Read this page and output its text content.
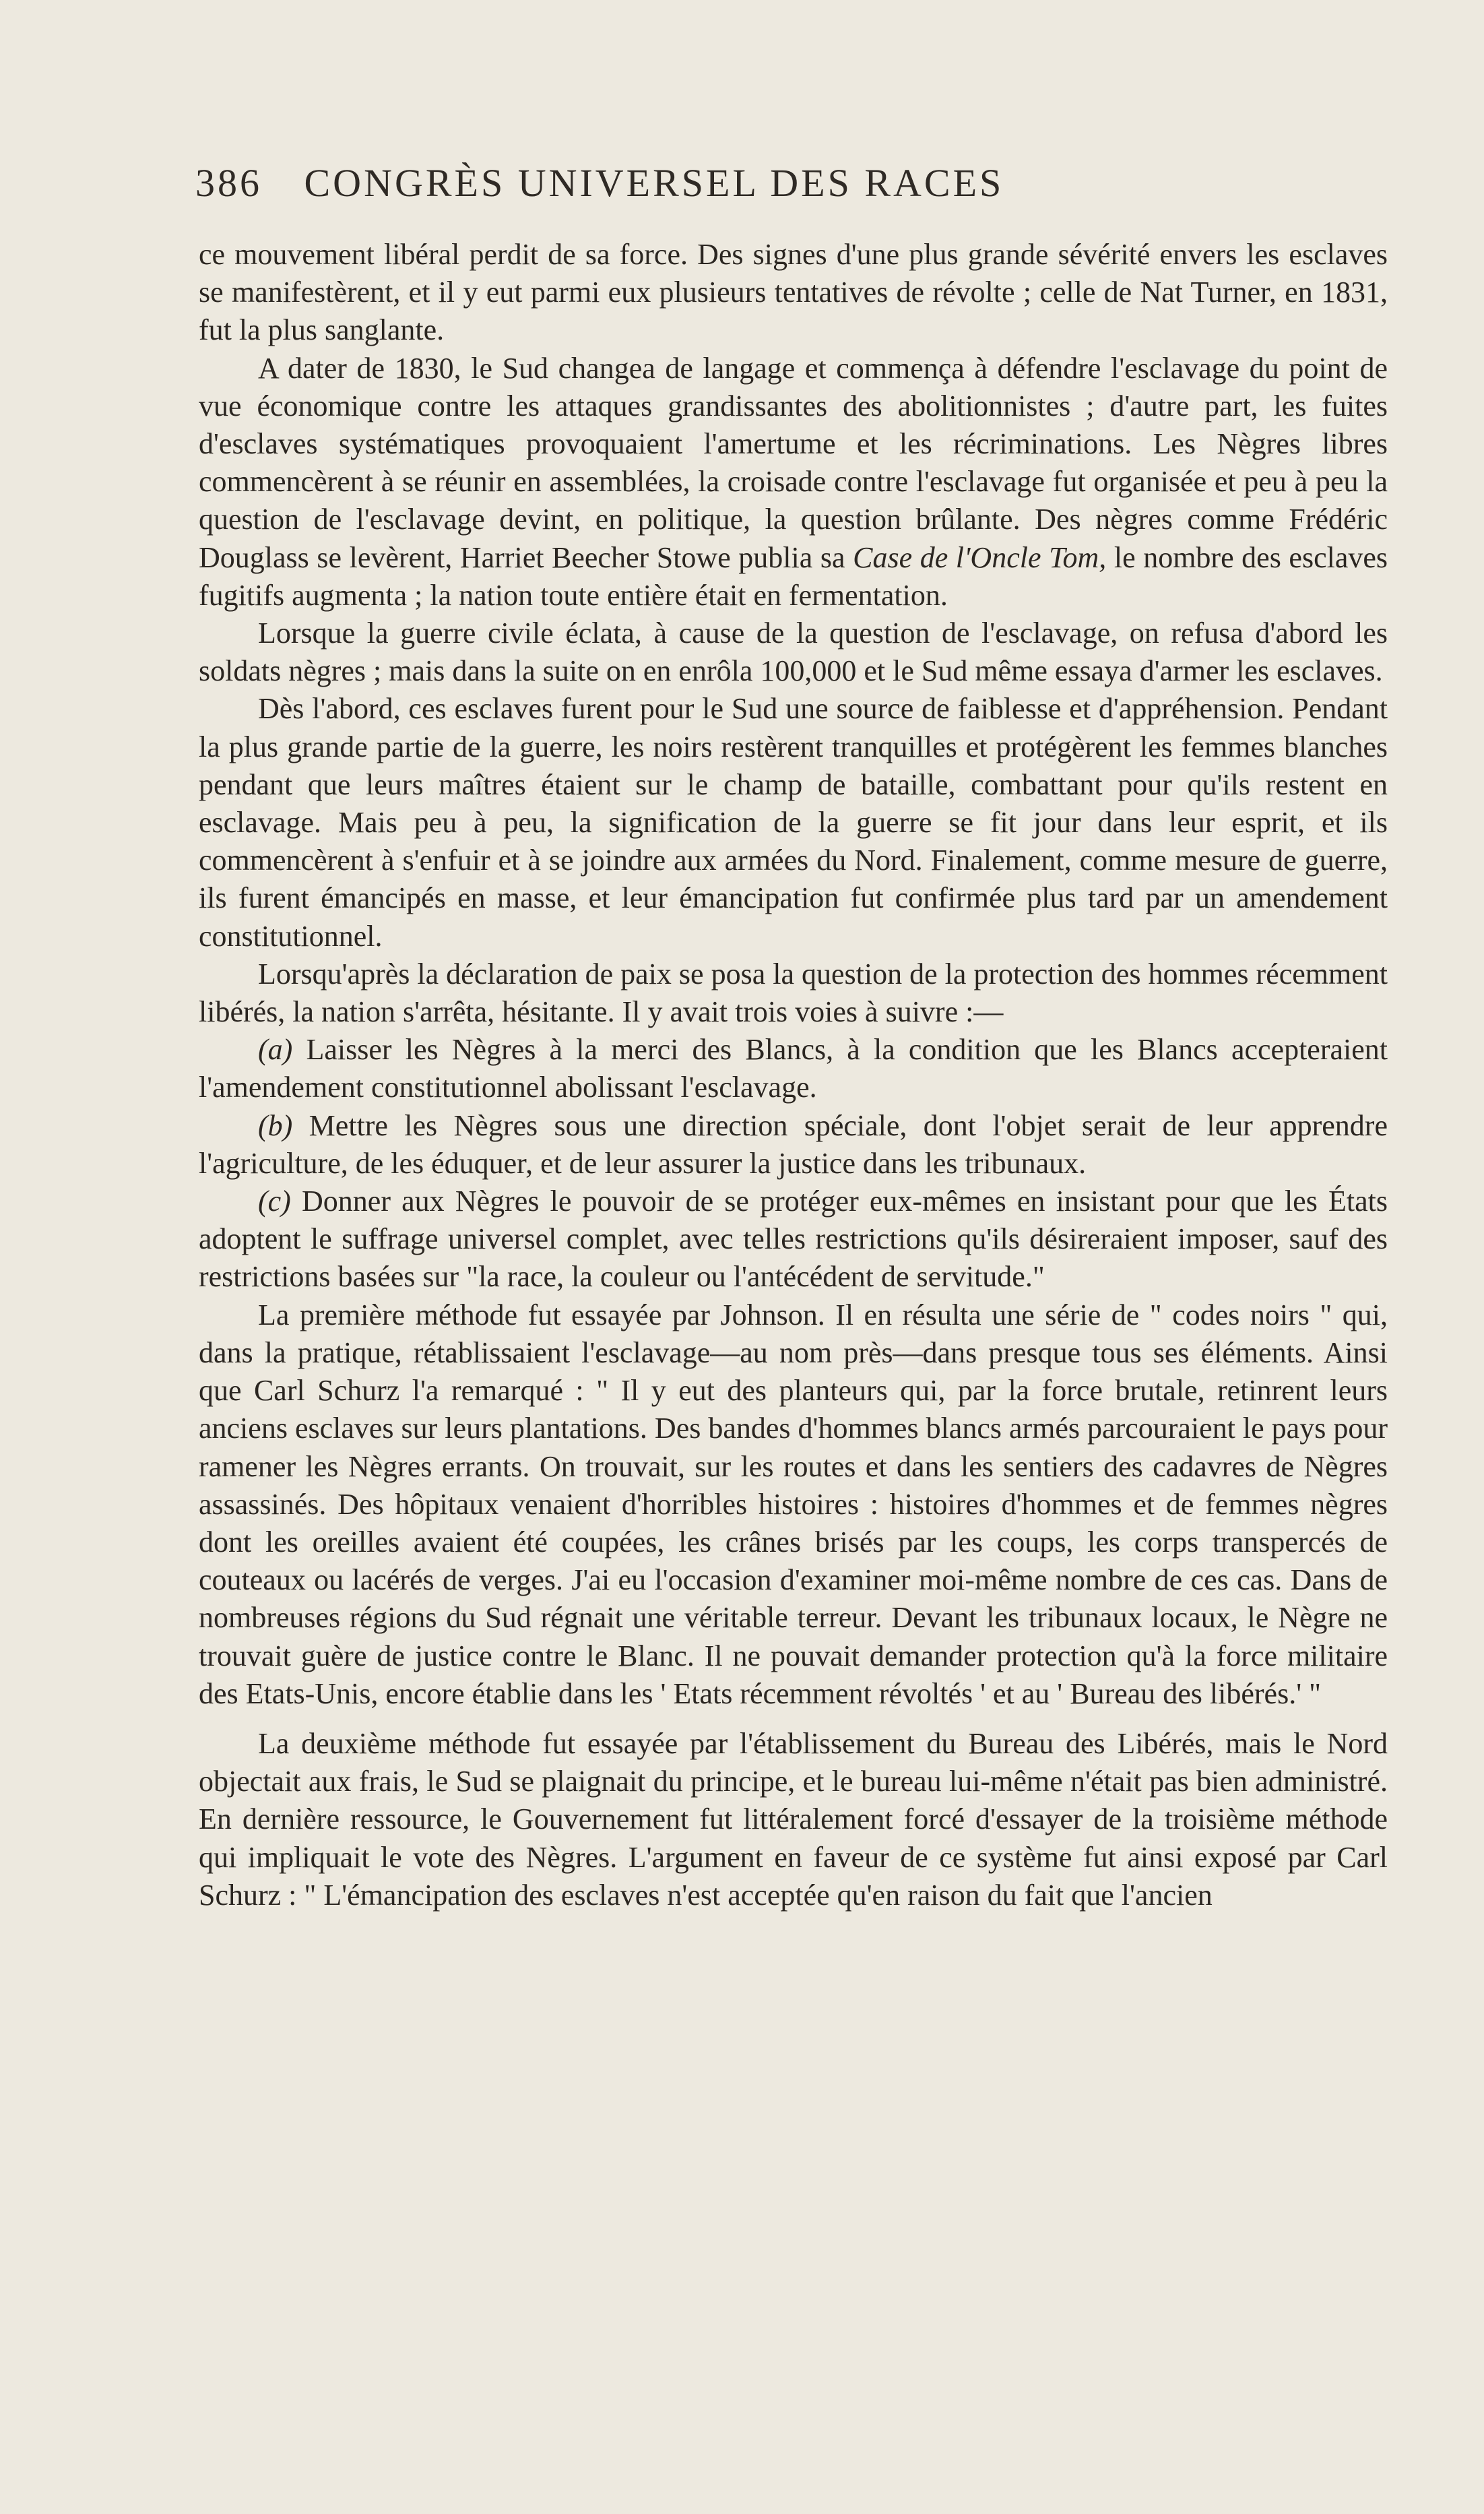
386 CONGRÈS UNIVERSEL DES RACES

ce mouvement libéral perdit de sa force. Des signes d'une plus grande sévérité envers les esclaves se manifestèrent, et il y eut parmi eux plusieurs tentatives de révolte ; celle de Nat Turner, en 1831, fut la plus sanglante.

A dater de 1830, le Sud changea de langage et commença à défendre l'esclavage du point de vue économique contre les attaques grandissantes des abolitionnistes ; d'autre part, les fuites d'esclaves systématiques provoquaient l'amertume et les récriminations. Les Nègres libres commencèrent à se réunir en assemblées, la croisade contre l'esclavage fut organisée et peu à peu la question de l'esclavage devint, en politique, la question brûlante. Des nègres comme Frédéric Douglass se levèrent, Harriet Beecher Stowe publia sa Case de l'Oncle Tom, le nombre des esclaves fugitifs augmenta ; la nation toute entière était en fermentation.

Lorsque la guerre civile éclata, à cause de la question de l'esclavage, on refusa d'abord les soldats nègres ; mais dans la suite on en enrôla 100,000 et le Sud même essaya d'armer les esclaves.

Dès l'abord, ces esclaves furent pour le Sud une source de faiblesse et d'appréhension. Pendant la plus grande partie de la guerre, les noirs restèrent tranquilles et protégèrent les femmes blanches pendant que leurs maîtres étaient sur le champ de bataille, combattant pour qu'ils restent en esclavage. Mais peu à peu, la signification de la guerre se fit jour dans leur esprit, et ils commencèrent à s'enfuir et à se joindre aux armées du Nord. Finalement, comme mesure de guerre, ils furent émancipés en masse, et leur émancipation fut confirmée plus tard par un amendement constitutionnel.

Lorsqu'après la déclaration de paix se posa la question de la protection des hommes récemment libérés, la nation s'arrêta, hésitante. Il y avait trois voies à suivre :—

(a) Laisser les Nègres à la merci des Blancs, à la condition que les Blancs accepteraient l'amendement constitutionnel abolissant l'esclavage.

(b) Mettre les Nègres sous une direction spéciale, dont l'objet serait de leur apprendre l'agriculture, de les éduquer, et de leur assurer la justice dans les tribunaux.

(c) Donner aux Nègres le pouvoir de se protéger eux-mêmes en insistant pour que les États adoptent le suffrage universel complet, avec telles restrictions qu'ils désireraient imposer, sauf des restrictions basées sur "la race, la couleur ou l'antécédent de servitude."

La première méthode fut essayée par Johnson. Il en résulta une série de " codes noirs " qui, dans la pratique, rétablissaient l'esclavage—au nom près—dans presque tous ses éléments. Ainsi que Carl Schurz l'a remarqué : " Il y eut des planteurs qui, par la force brutale, retinrent leurs anciens esclaves sur leurs plantations. Des bandes d'hommes blancs armés parcouraient le pays pour ramener les Nègres errants. On trouvait, sur les routes et dans les sentiers des cadavres de Nègres assassinés. Des hôpitaux venaient d'horribles histoires : histoires d'hommes et de femmes nègres dont les oreilles avaient été coupées, les crânes brisés par les coups, les corps transpercés de couteaux ou lacérés de verges. J'ai eu l'occasion d'examiner moi-même nombre de ces cas. Dans de nombreuses régions du Sud régnait une véritable terreur. Devant les tribunaux locaux, le Nègre ne trouvait guère de justice contre le Blanc. Il ne pouvait demander protection qu'à la force militaire des Etats-Unis, encore établie dans les ' Etats récemment révoltés ' et au ' Bureau des libérés.' "

La deuxième méthode fut essayée par l'établissement du Bureau des Libérés, mais le Nord objectait aux frais, le Sud se plaignait du principe, et le bureau lui-même n'était pas bien administré. En dernière ressource, le Gouvernement fut littéralement forcé d'essayer de la troisième méthode qui impliquait le vote des Nègres. L'argument en faveur de ce système fut ainsi exposé par Carl Schurz : " L'émancipation des esclaves n'est acceptée qu'en raison du fait que l'ancien
